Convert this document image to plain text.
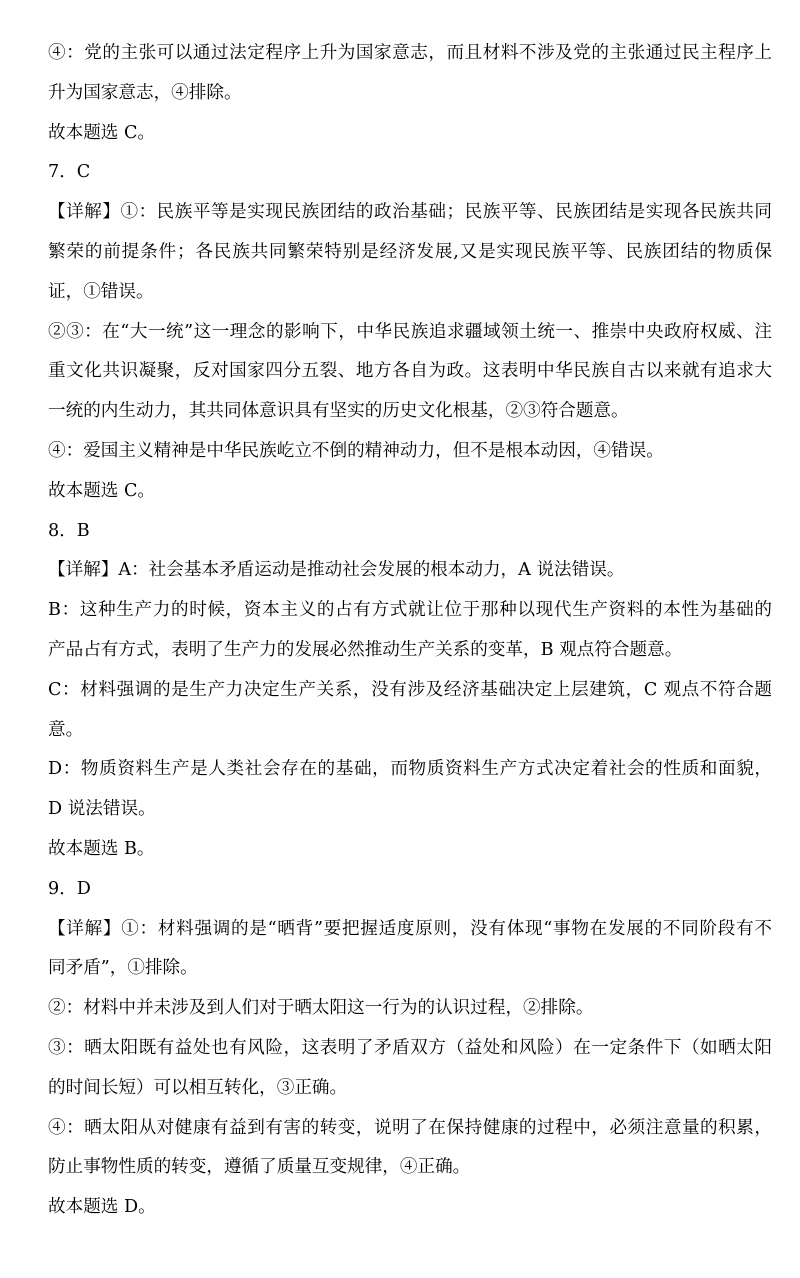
④：党的主张可以通过法定程序上升为国家意志，而且材料不涉及党的主张通过民主程序上
升为国家意志，④排除。
故本题选 C。
7．C
【详解】①：民族平等是实现民族团结的政治基础；民族平等、民族团结是实现各民族共同
繁荣的前提条件；各民族共同繁荣特别是经济发展,又是实现民族平等、民族团结的物质保
证，①错误。
②③：在“大一统”这一理念的影响下，中华民族追求疆域领土统一、推崇中央政府权威、注
重文化共识凝聚，反对国家四分五裂、地方各自为政。这表明中华民族自古以来就有追求大
一统的内生动力，其共同体意识具有坚实的历史文化根基，②③符合题意。
④：爱国主义精神是中华民族屹立不倒的精神动力，但不是根本动因，④错误。
故本题选 C。
8．B
【详解】A：社会基本矛盾运动是推动社会发展的根本动力，A 说法错误。
B：这种生产力的时候，资本主义的占有方式就让位于那种以现代生产资料的本性为基础的
产品占有方式，表明了生产力的发展必然推动生产关系的变革，B 观点符合题意。
C：材料强调的是生产力决定生产关系，没有涉及经济基础决定上层建筑，C 观点不符合题
意。
D：物质资料生产是人类社会存在的基础，而物质资料生产方式决定着社会的性质和面貌，
D 说法错误。
故本题选 B。
9．D
【详解】①：材料强调的是“晒背”要把握适度原则，没有体现“事物在发展的不同阶段有不
同矛盾”，①排除。
②：材料中并未涉及到人们对于晒太阳这一行为的认识过程，②排除。
③：晒太阳既有益处也有风险，这表明了矛盾双方（益处和风险）在一定条件下（如晒太阳
的时间长短）可以相互转化，③正确。
④：晒太阳从对健康有益到有害的转变，说明了在保持健康的过程中，必须注意量的积累，
防止事物性质的转变，遵循了质量互变规律，④正确。
故本题选 D。
